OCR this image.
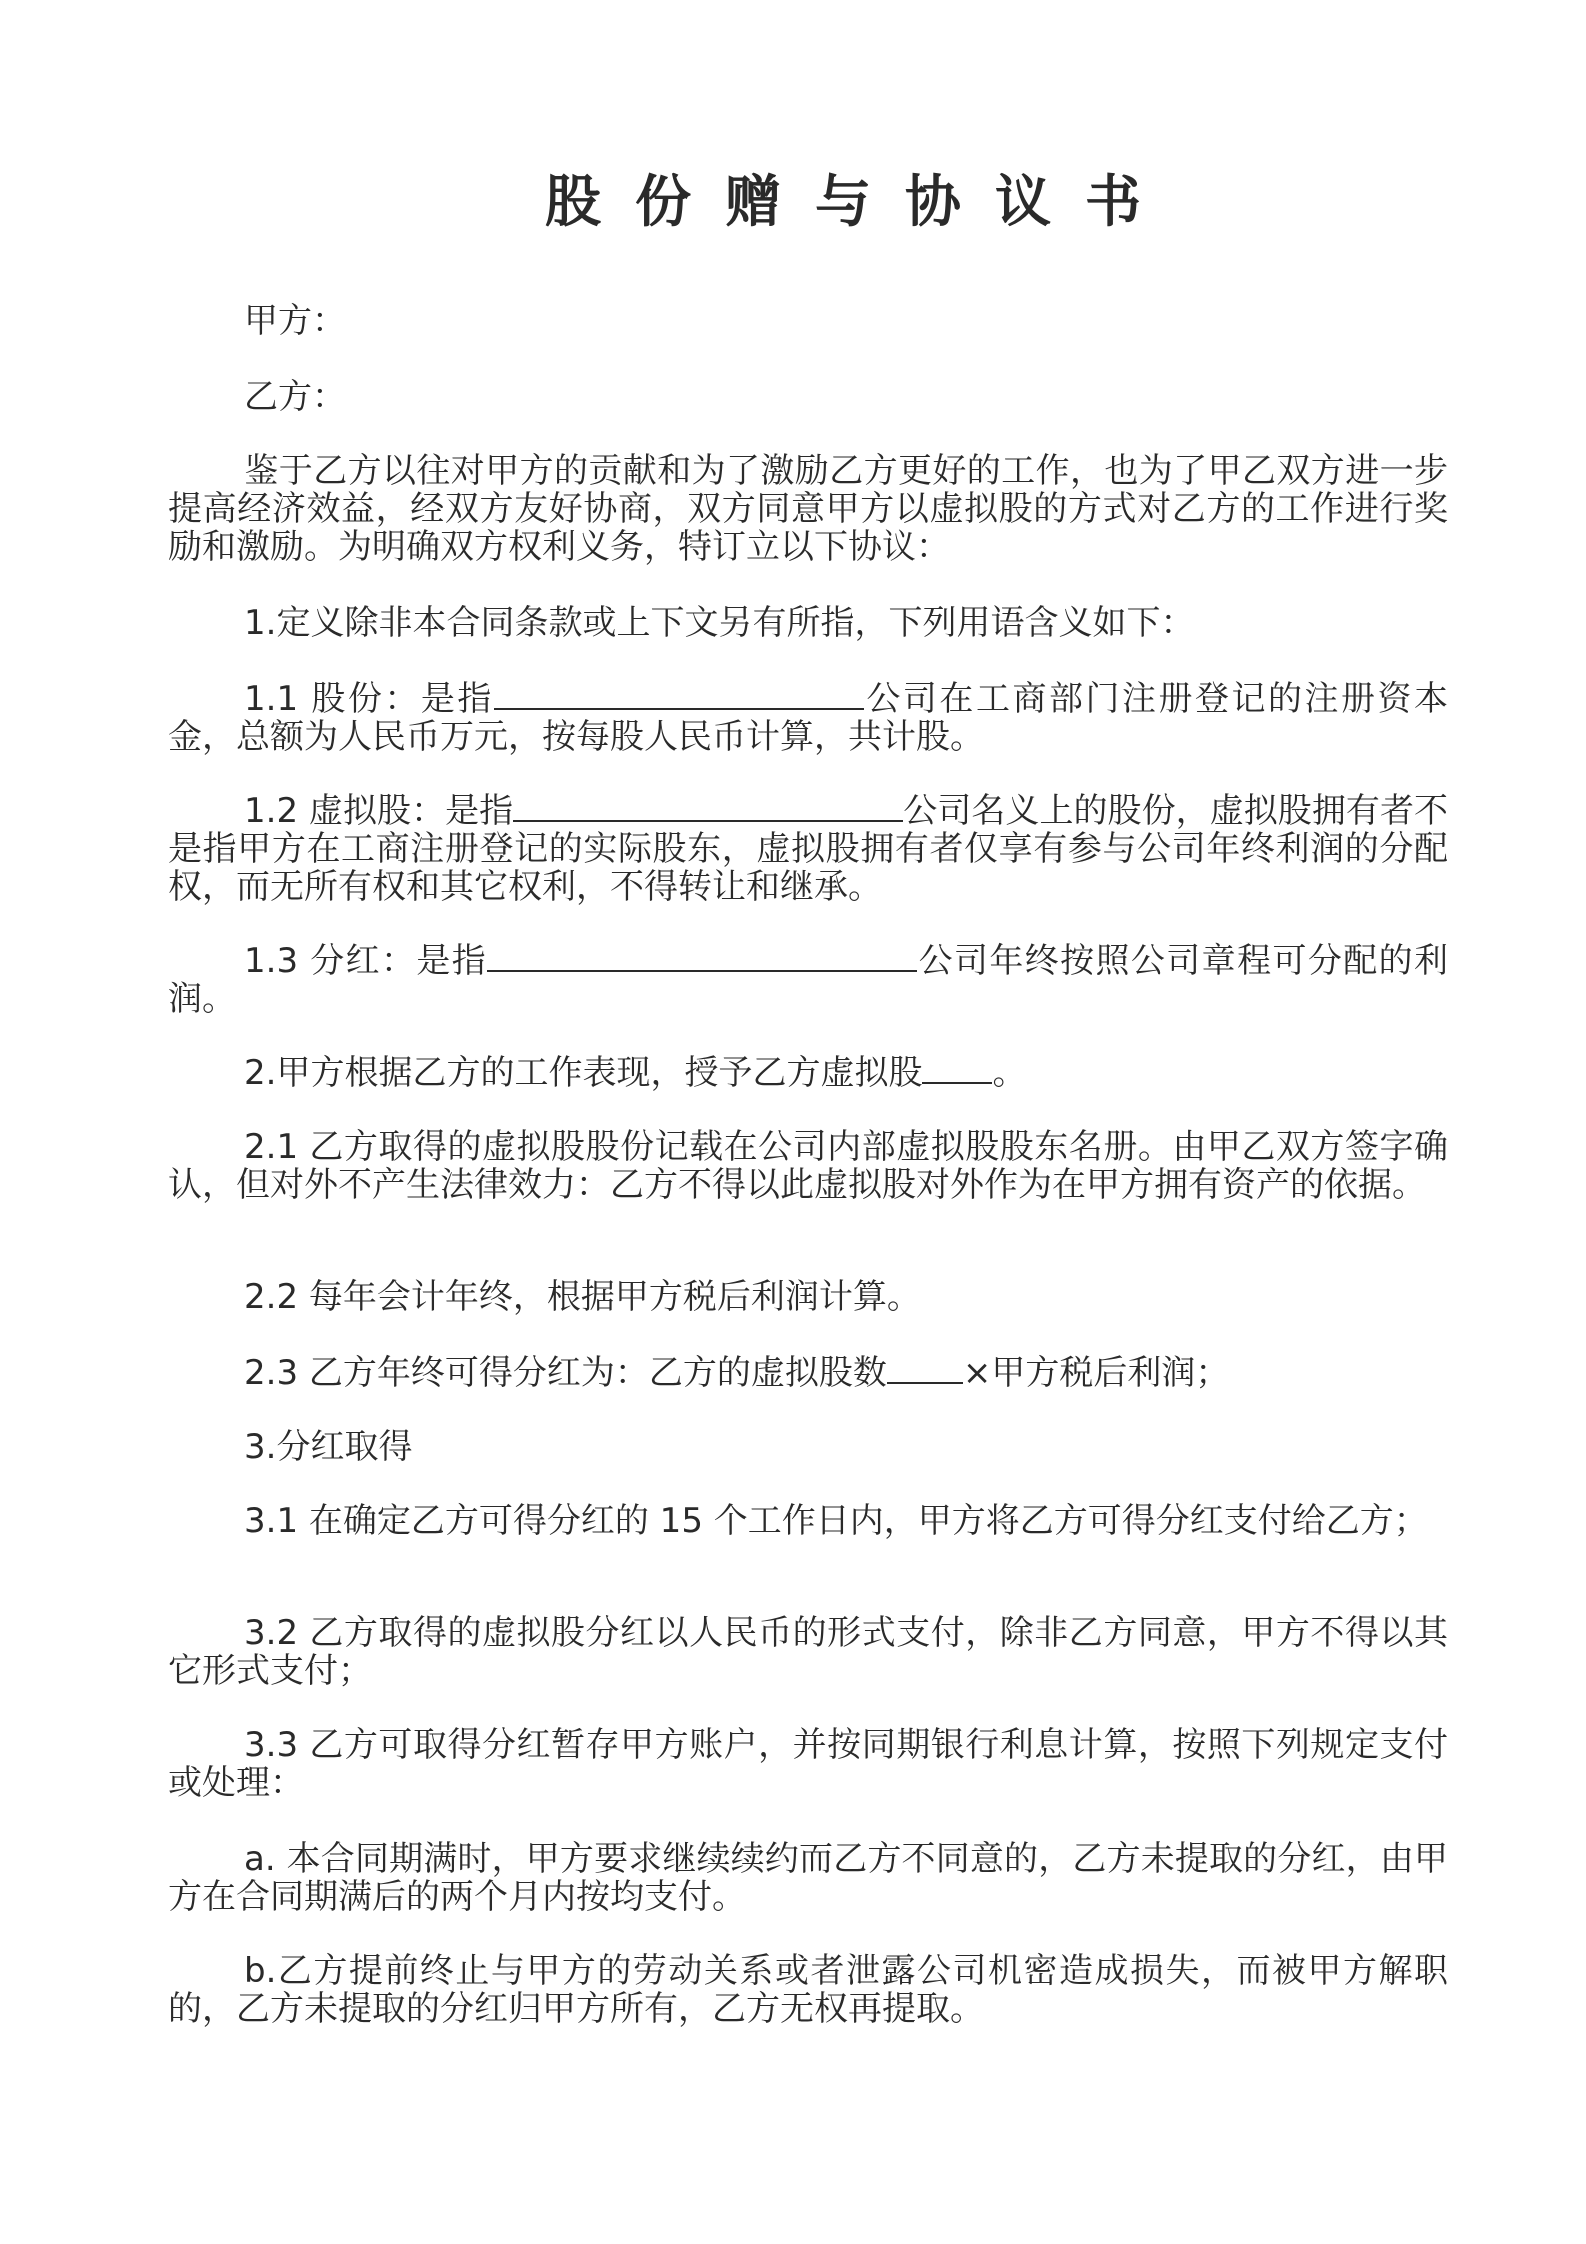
股份赠与协议书
甲方：
乙方：
鉴于乙方以往对甲方的贡献和为了激励乙方更好的工作，也为了甲乙双方进一步提高经济效益，经双方友好协商，双方同意甲方以虚拟股的方式对乙方的工作进行奖励和激励。为明确双方权利义务，特订立以下协议：
1.定义除非本合同条款或上下文另有所指，下列用语含义如下：
1.1 股份：是指	公司在工商部门注册登记的注册资本金，总额为人民币万元，按每股人民币计算，共计股。
1.2 虚拟股：是指	公司名义上的股份，虚拟股拥有者不是指甲方在工商注册登记的实际股东，虚拟股拥有者仅享有参与公司年终利润的分配权，而无所有权和其它权利，不得转让和继承。
1.3 分红：是指	公司年终按照公司章程可分配的利润。
2.甲方根据乙方的工作表现，授予乙方虚拟股 。
2.1 乙方取得的虚拟股股份记载在公司内部虚拟股股东名册。由甲乙双方签字确认，但对外不产生法律效力：乙方不得以此虚拟股对外作为在甲方拥有资产的依据。
2.2 每年会计年终，根据甲方税后利润计算。
2.3 乙方年终可得分红为：乙方的虚拟股数 ×甲方税后利润；
3.分红取得
3.1 在确定乙方可得分红的 15 个工作日内，甲方将乙方可得分红支付给乙方；
3.2 乙方取得的虚拟股分红以人民币的形式支付，除非乙方同意，甲方不得以其它形式支付；
3.3 乙方可取得分红暂存甲方账户，并按同期银行利息计算，按照下列规定支付或处理：
a. 本合同期满时，甲方要求继续续约而乙方不同意的，乙方未提取的分红，由甲方在合同期满后的两个月内按均支付。
b.乙方提前终止与甲方的劳动关系或者泄露公司机密造成损失，而被甲方解职的，乙方未提取的分红归甲方所有，乙方无权再提取。
